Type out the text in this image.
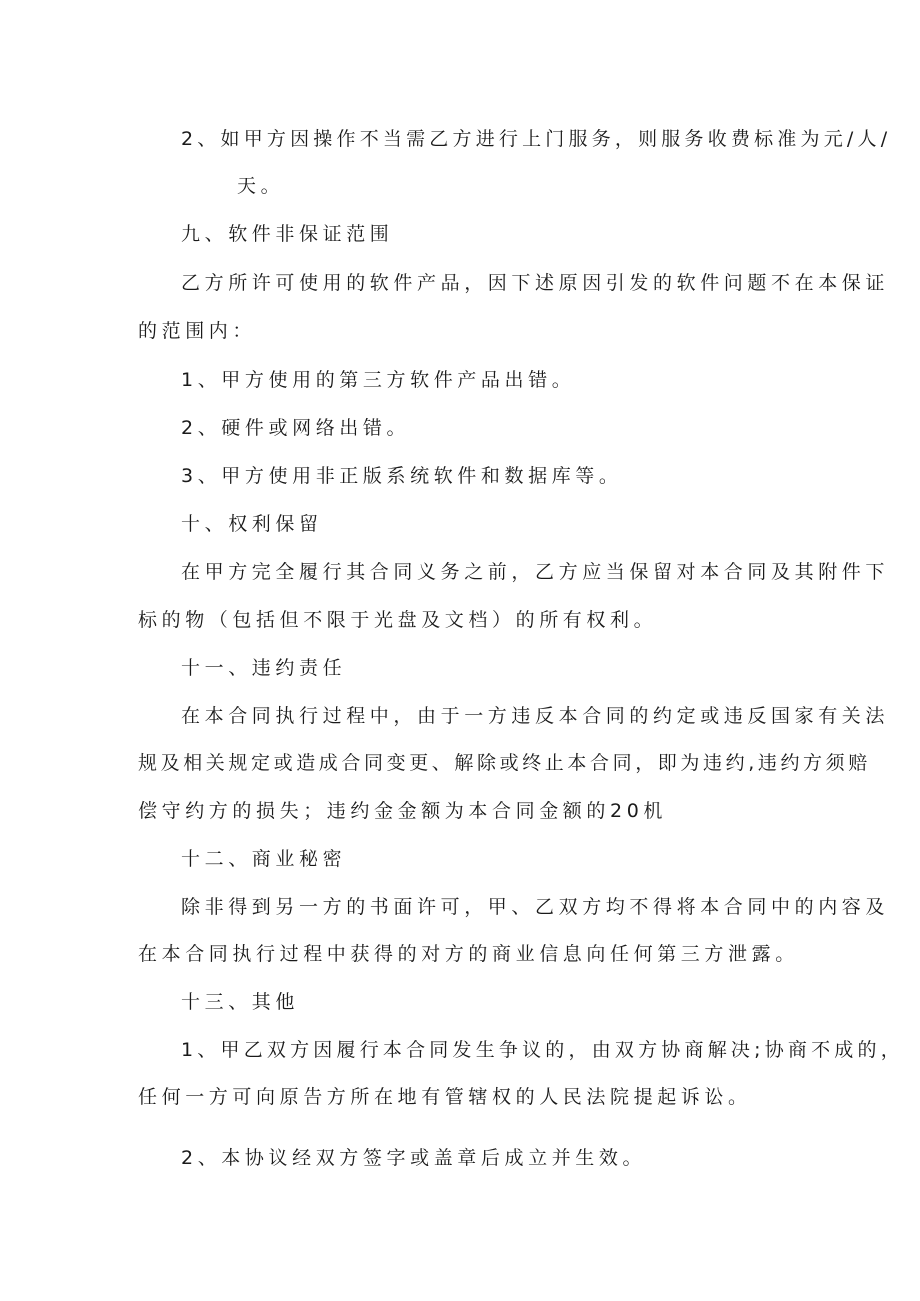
2、如甲方因操作不当需乙方进行上门服务，则服务收费标准为元/人/
天。
九、软件非保证范围
乙方所许可使用的软件产品，因下述原因引发的软件问题不在本保证
的范围内：
1、甲方使用的第三方软件产品出错。
2、硬件或网络出错。
3、甲方使用非正版系统软件和数据库等。
十、权利保留
在甲方完全履行其合同义务之前，乙方应当保留对本合同及其附件下
标的物（包括但不限于光盘及文档）的所有权利。
十一、违约责任
在本合同执行过程中，由于一方违反本合同的约定或违反国家有关法
规及相关规定或造成合同变更、解除或终止本合同，即为违约,违约方须赔
偿守约方的损失；违约金金额为本合同金额的20机
十二、商业秘密
除非得到另一方的书面许可，甲、乙双方均不得将本合同中的内容及
在本合同执行过程中获得的对方的商业信息向任何第三方泄露。
十三、其他
1、甲乙双方因履行本合同发生争议的，由双方协商解决;协商不成的，
任何一方可向原告方所在地有管辖权的人民法院提起诉讼。
2、本协议经双方签字或盖章后成立并生效。
